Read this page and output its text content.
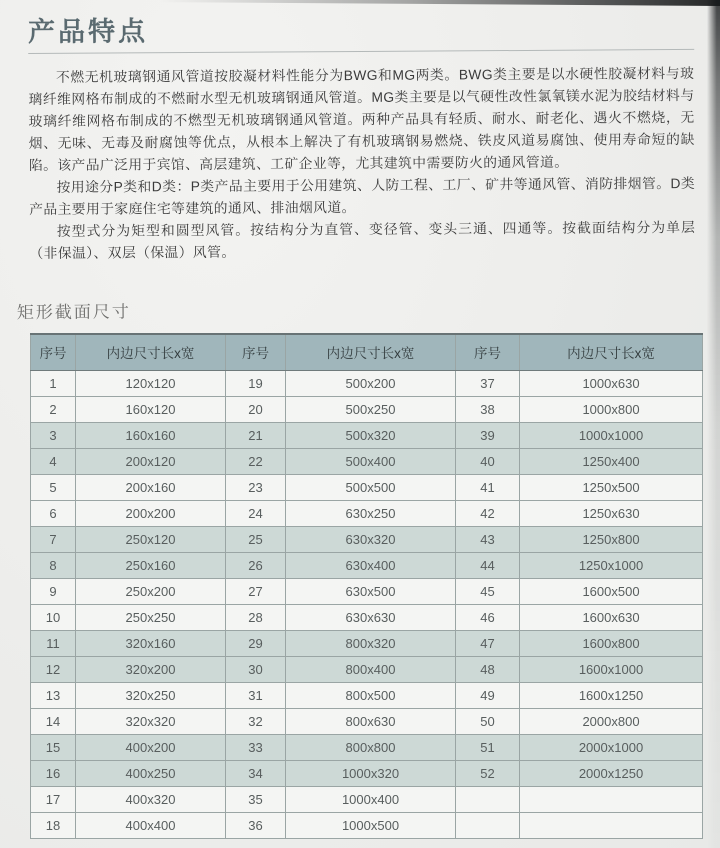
产品特点

不燃无机玻璃钢通风管道按胶凝材料性能分为BWG和MG两类。BWG类主要是以水硬性胶凝材料与玻璃纤维网格布制成的不燃耐水型无机玻璃钢通风管道。MG类主要是以气硬性改性氯氧镁水泥为胶结材料与玻璃纤维网格布制成的不燃型无机玻璃钢通风管道。两种产品具有轻质、耐水、耐老化、遇火不燃烧，无烟、无味、无毒及耐腐蚀等优点，从根本上解决了有机玻璃钢易燃烧、铁皮风道易腐蚀、使用寿命短的缺陷。该产品广泛用于宾馆、高层建筑、工矿企业等，尤其建筑中需要防火的通风管道。

按用途分P类和D类：P类产品主要用于公用建筑、人防工程、工厂、矿井等通风管、消防排烟管。D类产品主要用于家庭住宅等建筑的通风、排油烟风道。

按型式分为矩型和圆型风管。按结构分为直管、变径管、变头三通、四通等。按截面结构分为单层（非保温）、双层（保温）风管。

矩形截面尺寸
序号	内边尺寸长x宽	序号	内边尺寸长x宽	序号	内边尺寸长x宽
1	120x120	19	500x200	37	1000x630
2	160x120	20	500x250	38	1000x800
3	160x160	21	500x320	39	1000x1000
4	200x120	22	500x400	40	1250x400
5	200x160	23	500x500	41	1250x500
6	200x200	24	630x250	42	1250x630
7	250x120	25	630x320	43	1250x800
8	250x160	26	630x400	44	1250x1000
9	250x200	27	630x500	45	1600x500
10	250x250	28	630x630	46	1600x630
11	320x160	29	800x320	47	1600x800
12	320x200	30	800x400	48	1600x1000
13	320x250	31	800x500	49	1600x1250
14	320x320	32	800x630	50	2000x800
15	400x200	33	800x800	51	2000x1000
16	400x250	34	1000x320	52	2000x1250
17	400x320	35	1000x400		
18	400x400	36	1000x500		
